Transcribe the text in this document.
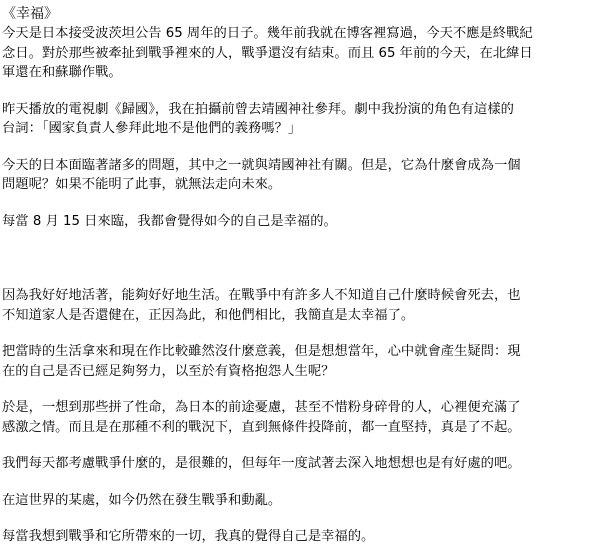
《幸福》

今天是日本接受波茨坦公告 65 周年的日子。幾年前我就在博客裡寫過，今天不應是終戰紀
念日。對於那些被牽扯到戰爭裡來的人，戰爭還沒有結束。而且 65 年前的今天，在北緯日
軍還在和蘇聯作戰。

昨天播放的電視劇《歸國》，我在拍攝前曾去靖國神社參拜。劇中我扮演的角色有這樣的
台詞：「國家負責人參拜此地不是他們的義務嗎？」

今天的日本面臨著諸多的問題，其中之一就與靖國神社有關。但是，它為什麼會成為一個
問題呢？如果不能明了此事，就無法走向未來。

每當 8 月 15 日來臨，我都會覺得如今的自己是幸福的。

因為我好好地活著，能夠好好地生活。在戰爭中有許多人不知道自己什麼時候會死去，也
不知道家人是否還健在，正因為此，和他們相比，我簡直是太幸福了。

把當時的生活拿來和現在作比較雖然沒什麼意義，但是想想當年，心中就會產生疑問：現
在的自己是否已經足夠努力，以至於有資格抱怨人生呢？

於是，一想到那些拼了性命，為日本的前途憂慮，甚至不惜粉身碎骨的人，心裡便充滿了
感激之情。而且是在那種不利的戰況下，直到無條件投降前，都一直堅持，真是了不起。

我們每天都考慮戰爭什麼的，是很難的，但每年一度試著去深入地想想也是有好處的吧。

在這世界的某處，如今仍然在發生戰爭和動亂。

每當我想到戰爭和它所帶來的一切，我真的覺得自己是幸福的。
